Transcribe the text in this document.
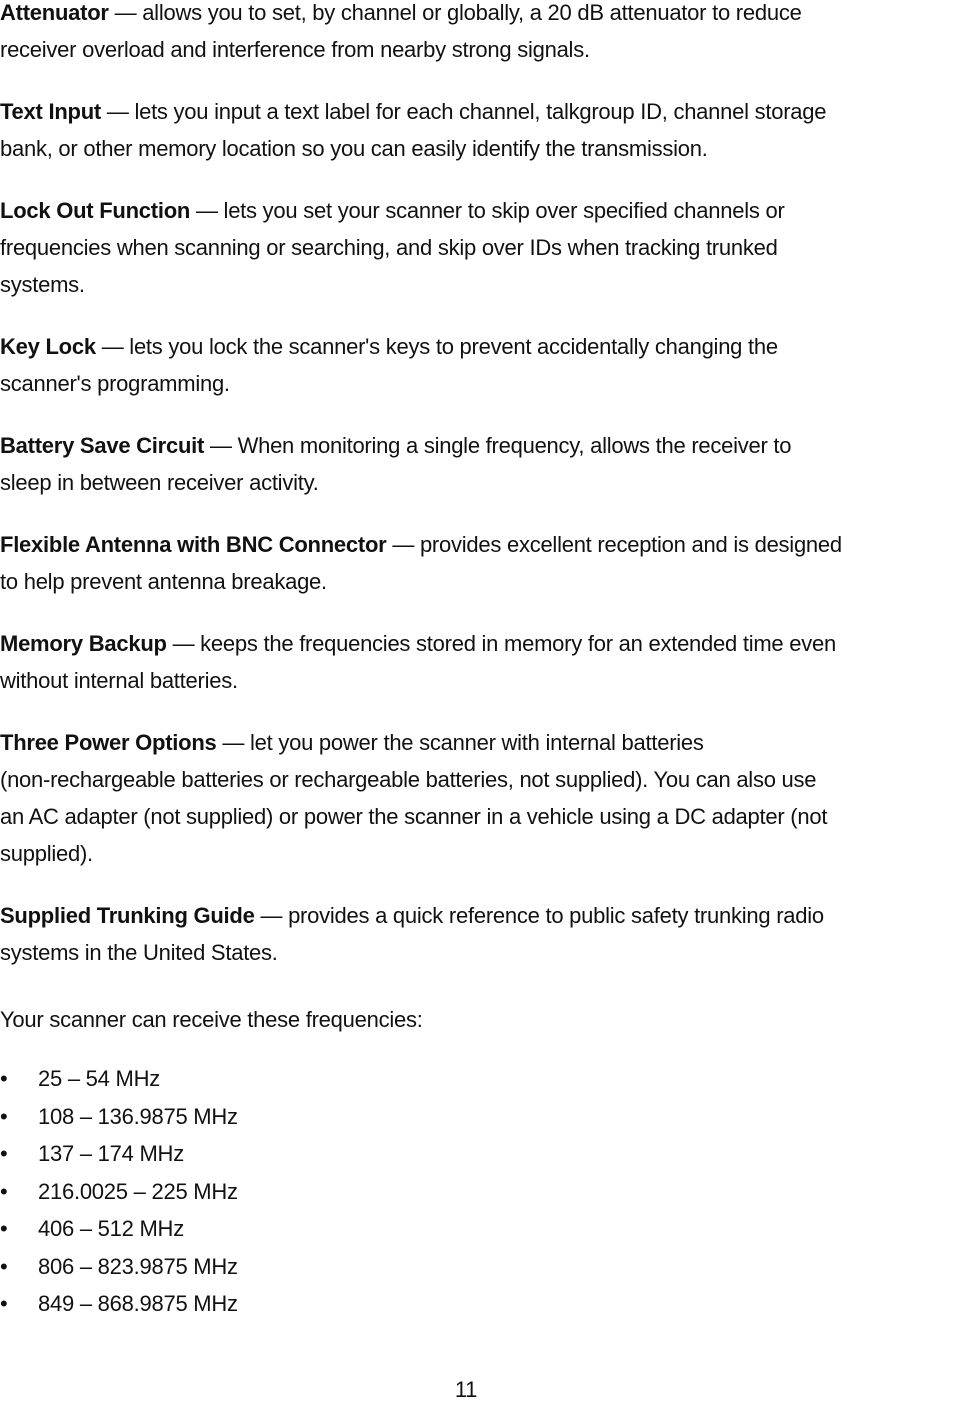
Attenuator — allows you to set, by channel or globally, a 20 dB attenuator to reduce
receiver overload and interference from nearby strong signals.
Text Input — lets you input a text label for each channel, talkgroup ID, channel storage
bank, or other memory location so you can easily identify the transmission.
Lock Out Function — lets you set your scanner to skip over specified channels or
frequencies when scanning or searching, and skip over IDs when tracking trunked
systems.
Key Lock — lets you lock the scanner's keys to prevent accidentally changing the
scanner's programming.
Battery Save Circuit — When monitoring a single frequency, allows the receiver to
sleep in between receiver activity.
Flexible Antenna with BNC Connector — provides excellent reception and is designed
to help prevent antenna breakage.
Memory Backup — keeps the frequencies stored in memory for an extended time even
without internal batteries.
Three Power Options — let you power the scanner with internal batteries
(non-rechargeable batteries or rechargeable batteries, not supplied). You can also use
an AC adapter (not supplied) or power the scanner in a vehicle using a DC adapter (not
supplied).
Supplied Trunking Guide — provides a quick reference to public safety trunking radio
systems in the United States.
Your scanner can receive these frequencies:
• 25 – 54 MHz
• 108 – 136.9875 MHz
• 137 – 174 MHz
• 216.0025 – 225 MHz
• 406 – 512 MHz
• 806 – 823.9875 MHz
• 849 – 868.9875 MHz
11
